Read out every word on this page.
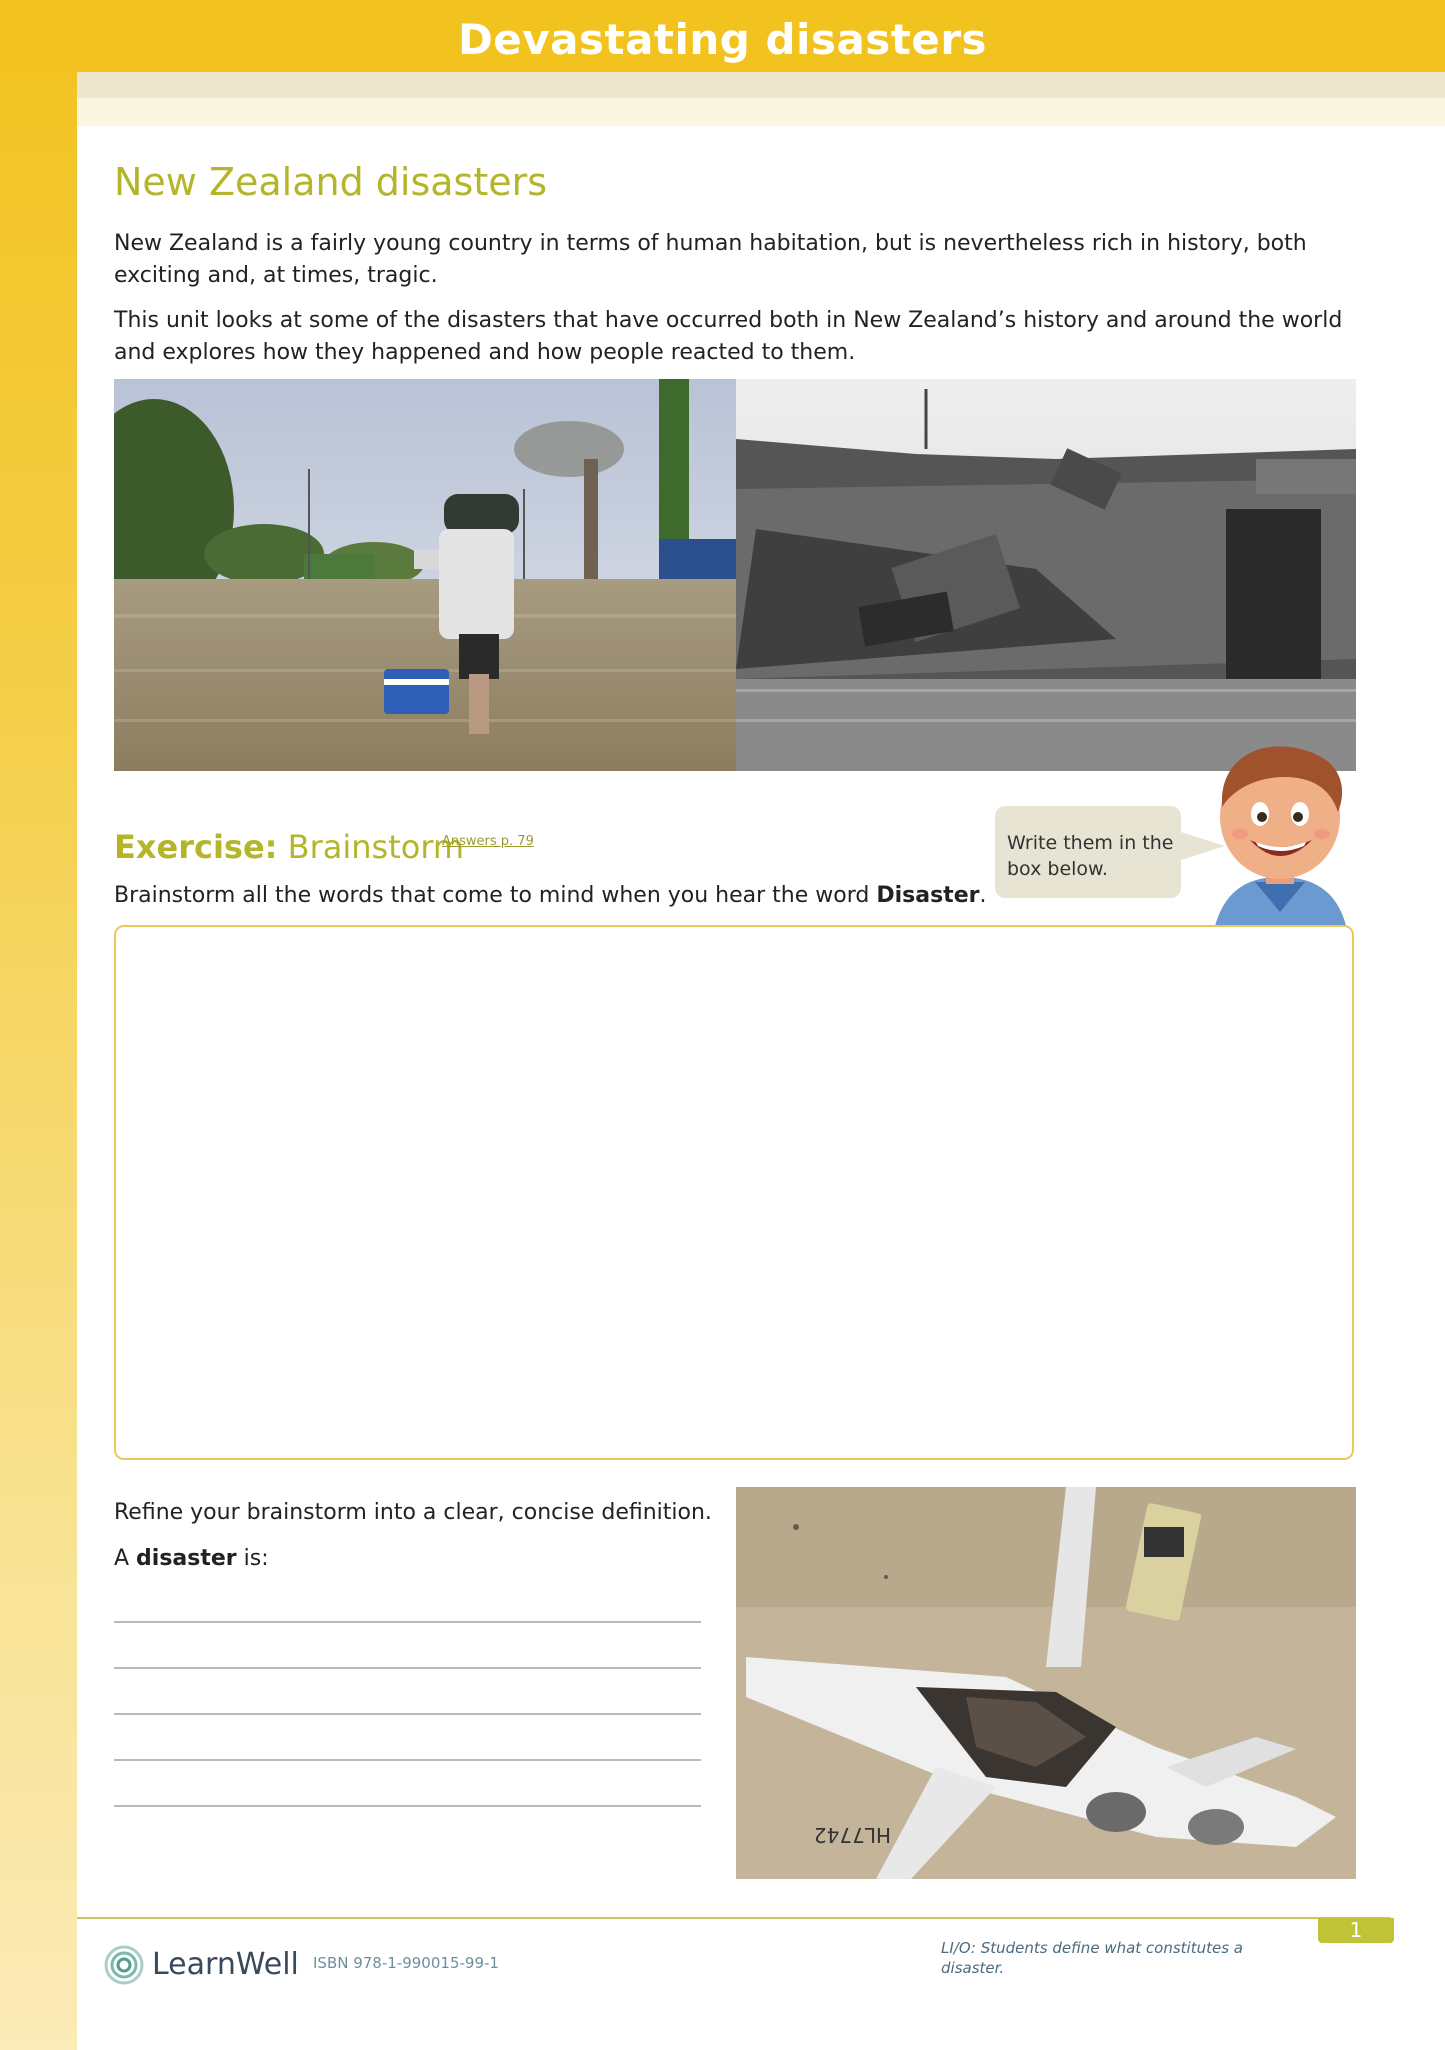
Devastating disasters
New Zealand disasters
New Zealand is a fairly young country in terms of human habitation, but is nevertheless rich in history, both exciting and, at times, tragic.
This unit looks at some of the disasters that have occurred both in New Zealand’s history and around the world and explores how they happened and how people reacted to them.
Exercise: Brainstorm
Answers p. 79
Brainstorm all the words that come to mind when you hear the word Disaster.
Write them in the box below.
Refine your brainstorm into a clear, concise definition.
A disaster is:
HL7742
1
LearnWell ISBN 978-1-990015-99-1
LI/O: Students define what constitutes a disaster.
